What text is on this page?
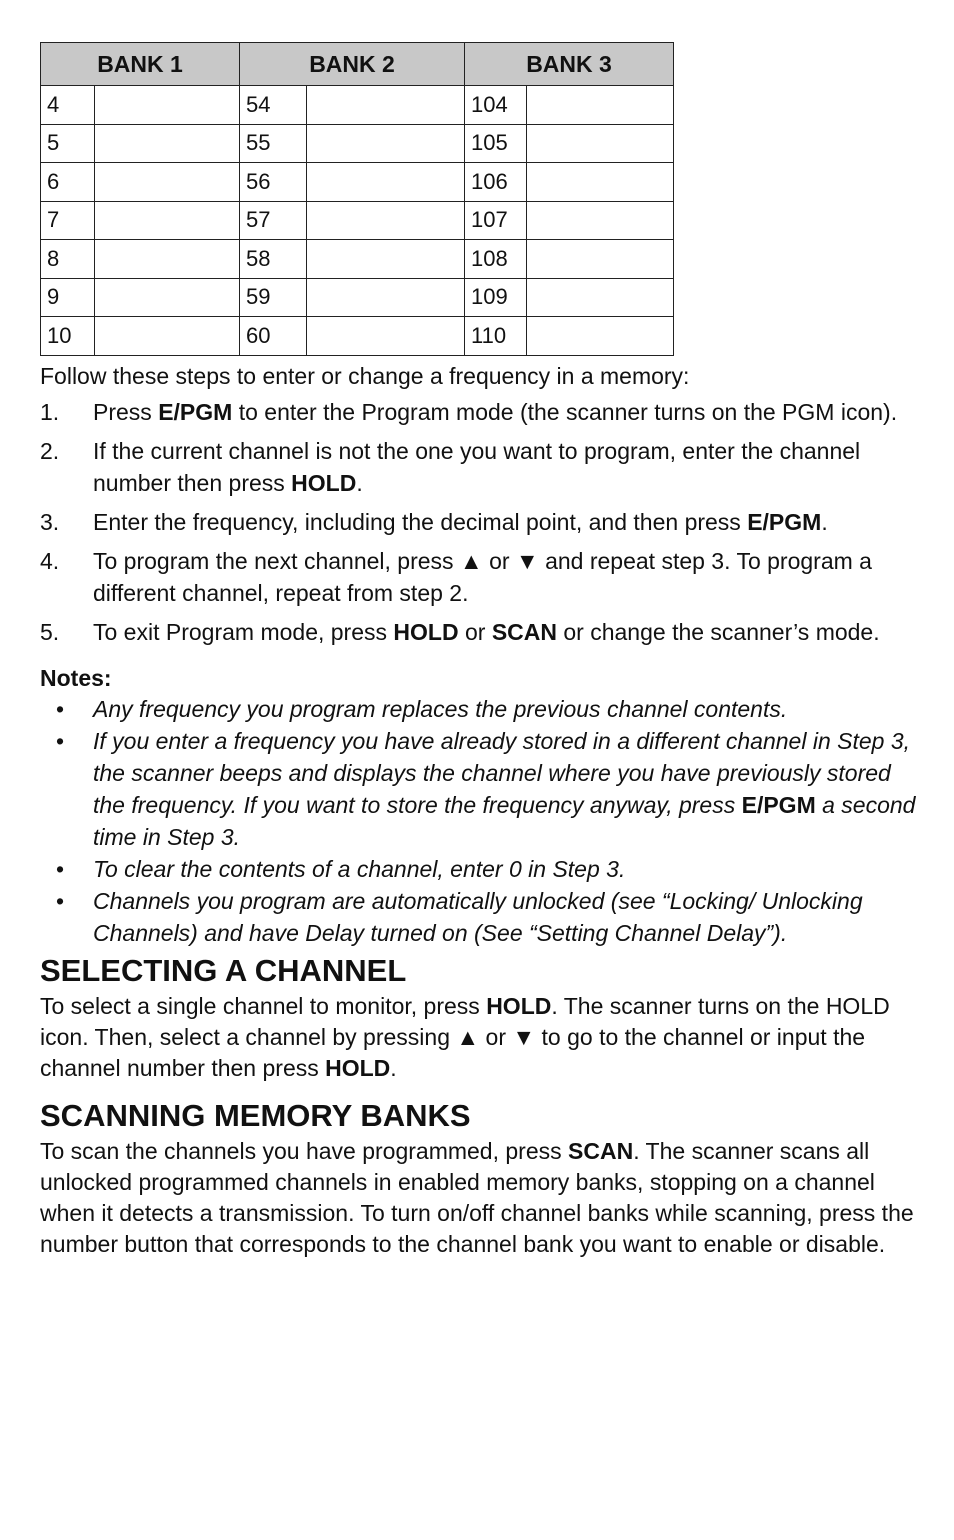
BANK 1		BANK 2		BANK 3	
4		54		104	
5		55		105	
6		56		106	
7		57		107	
8		58		108	
9		59		109	
10		60		110	

Follow these steps to enter or change a frequency in a memory:

1. Press E/PGM to enter the Program mode (the scanner turns on the PGM icon).
2. If the current channel is not the one you want to program, enter the channel number then press HOLD.
3. Enter the frequency, including the decimal point, and then press E/PGM.
4. To program the next channel, press ▲ or ▼ and repeat step 3. To program a different channel, repeat from step 2.
5. To exit Program mode, press HOLD or SCAN or change the scanner’s mode.

Notes:

• Any frequency you program replaces the previous channel contents.
• If you enter a frequency you have already stored in a different channel in Step 3, the scanner beeps and displays the channel where you have previously stored the frequency. If you want to store the frequency anyway, press E/PGM a second time in Step 3.
• To clear the contents of a channel, enter 0 in Step 3.
• Channels you program are automatically unlocked (see “Locking/ Unlocking Channels) and have Delay turned on (See “Setting Channel Delay”).
SELECTING A CHANNEL

To select a single channel to monitor, press HOLD. The scanner turns on the HOLD icon. Then, select a channel by pressing ▲ or ▼ to go to the channel or input the channel number then press HOLD.

SCANNING MEMORY BANKS

To scan the channels you have programmed, press SCAN. The scanner scans all unlocked programmed channels in enabled memory banks, stopping on a channel when it detects a transmission. To turn on/off channel banks while scanning, press the number button that corresponds to the channel bank you want to enable or disable.
